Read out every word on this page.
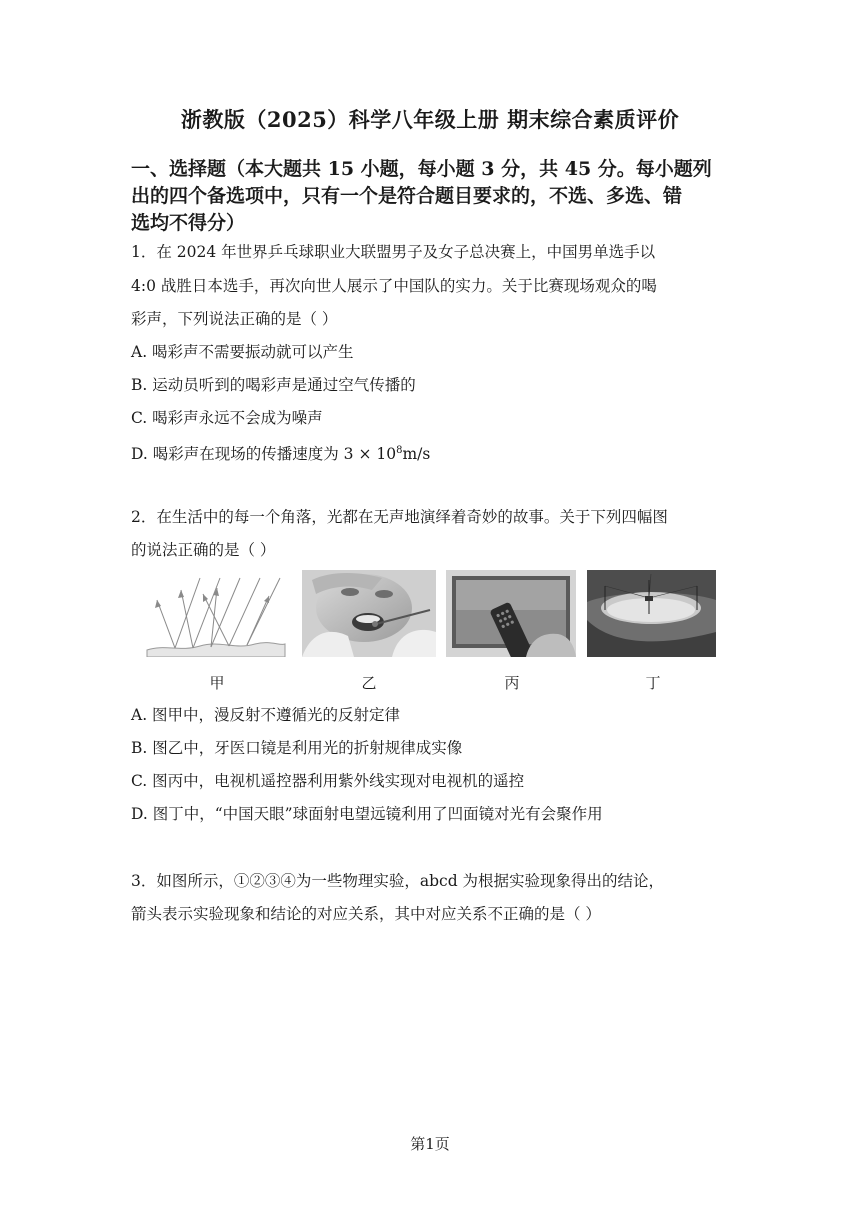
浙教版（2025）科学八年级上册 期末综合素质评价
一、选择题（本大题共 15 小题，每小题 3 分，共 45 分。每小题列
出的四个备选项中，只有一个是符合题目要求的，不选、多选、错
选均不得分）
1．在 2024 年世界乒乓球职业大联盟男子及女子总决赛上，中国男单选手以
4:0 战胜日本选手，再次向世人展示了中国队的实力。关于比赛现场观众的喝
彩声，下列说法正确的是（ ）
A. 喝彩声不需要振动就可以产生
B. 运动员听到的喝彩声是通过空气传播的
C. 喝彩声永远不会成为噪声
D. 喝彩声在现场的传播速度为 $3 \times 10^8m/s$
2．在生活中的每一个角落，光都在无声地演绎着奇妙的故事。关于下列四幅图
的说法正确的是（ ）
甲	乙	丙	丁
A. 图甲中，漫反射不遵循光的反射定律
B. 图乙中，牙医口镜是利用光的折射规律成实像
C. 图丙中，电视机遥控器利用紫外线实现对电视机的遥控
D. 图丁中，“中国天眼”球面射电望远镜利用了凹面镜对光有会聚作用
3．如图所示，①②③④为一些物理实验，abcd 为根据实验现象得出的结论，
箭头表示实验现象和结论的对应关系，其中对应关系不正确的是（ ）
第1页
